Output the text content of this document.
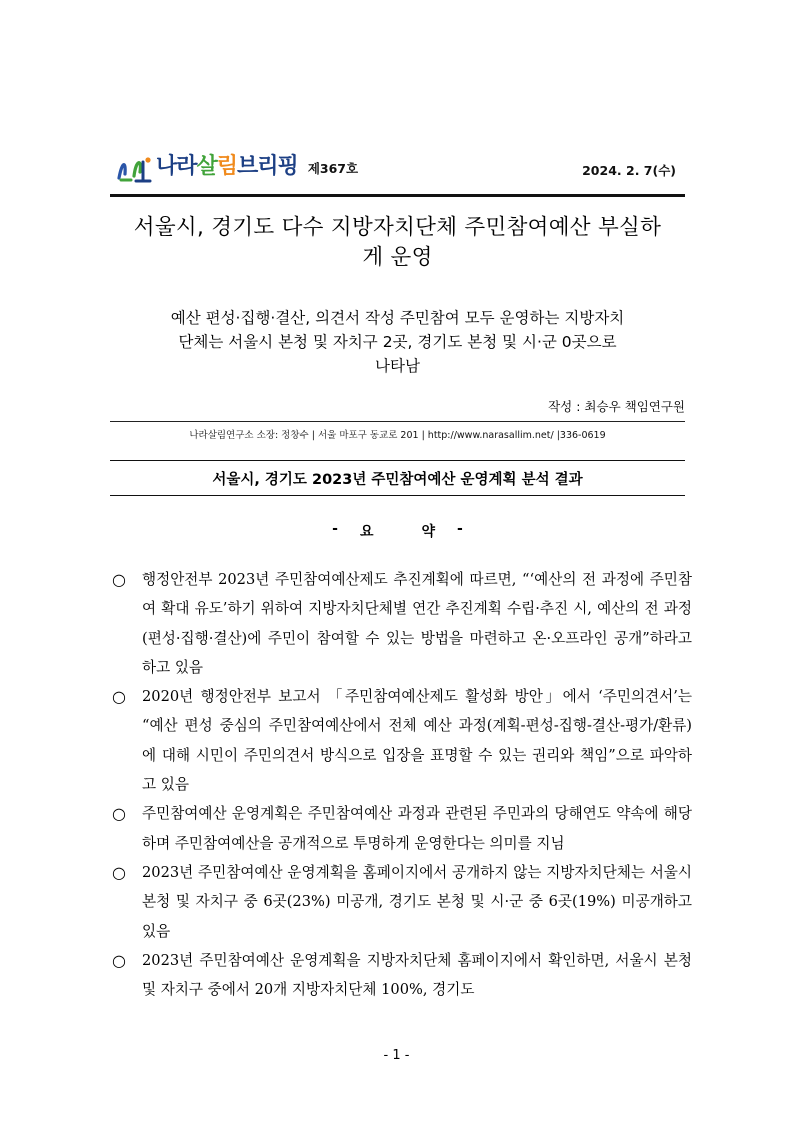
나라살림브리핑 제367호	2024. 2. 7(수)
서울시, 경기도 다수 지방자치단체 주민참여예산 부실하
게 운영
예산 편성·집행·결산, 의견서 작성 주민참여 모두 운영하는 지방자치
단체는 서울시 본청 및 자치구 2곳, 경기도 본청 및 시·군 0곳으로
나타남
작성 : 최승우 책임연구원
나라살림연구소 소장: 정창수 | 서울 마포구 동교로 201 | http://www.narasallim.net/ |336-0619
서울시, 경기도 2023년 주민참여예산 운영계획 분석 결과
- 요	약 -
○	행정안전부 2023년 주민참여예산제도 추진계획에 따르면, “‘예산의 전 과정에 주민참여 확대 유도’하기 위하여 지방자치단체별 연간 추진계획 수립·추진 시, 예산의 전 과정(편성·집행·결산)에 주민이 참여할 수 있는 방법을 마련하고 온·오프라인 공개”하라고 하고 있음
○	2020년 행정안전부 보고서 「주민참여예산제도 활성화 방안」에서 ‘주민의견서’는 “예산 편성 중심의 주민참여예산에서 전체 예산 과정(계획-편성-집행-결산-평가/환류)에 대해 시민이 주민의견서 방식으로 입장을 표명할 수 있는 권리와 책임”으로 파악하고 있음
○	주민참여예산 운영계획은 주민참여예산 과정과 관련된 주민과의 당해연도 약속에 해당하며 주민참여예산을 공개적으로 투명하게 운영한다는 의미를 지님
○	2023년 주민참여예산 운영계획을 홈페이지에서 공개하지 않는 지방자치단체는 서울시 본청 및 자치구 중 6곳(23%) 미공개, 경기도 본청 및 시·군 중 6곳(19%) 미공개하고 있음
○	2023년 주민참여예산 운영계획을 지방자치단체 홈페이지에서 확인하면, 서울시 본청 및 자치구 중에서 20개 지방자치단체 100%, 경기도
- 1 -
